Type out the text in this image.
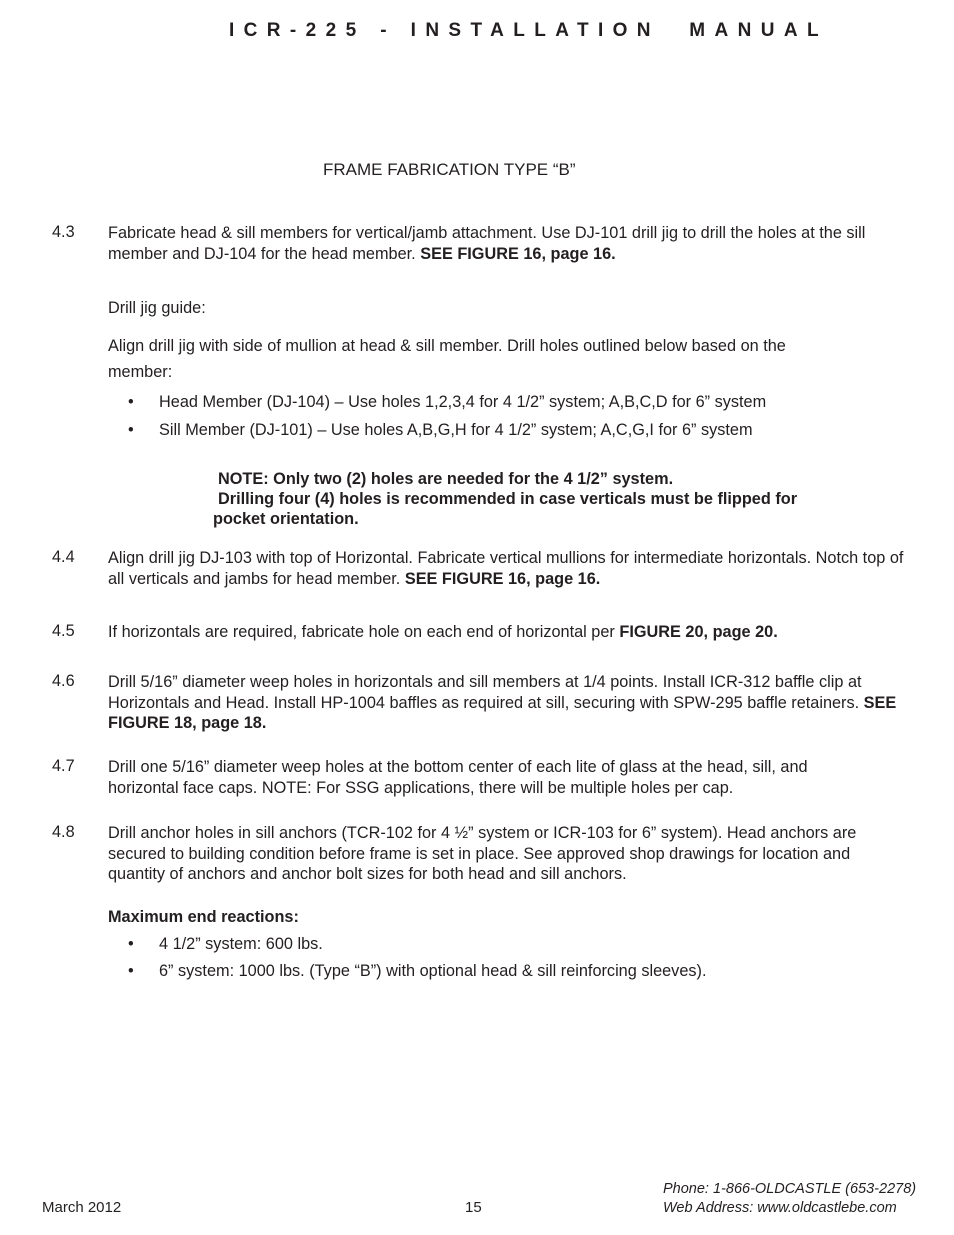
ICR-225 - INSTALLATION  MANUAL
FRAME FABRICATION TYPE “B”
4.3 Fabricate head & sill members for vertical/jamb attachment. Use DJ-101 drill jig to drill the holes at the sill member and DJ-104 for the head member. SEE FIGURE 16, page 16.
Drill jig guide:
Align drill jig with side of mullion at head & sill member. Drill holes outlined below based on the
member:
• Head Member (DJ-104) – Use holes 1,2,3,4 for 4 1/2” system; A,B,C,D for 6” system
• Sill Member (DJ-101) – Use holes A,B,G,H for 4 1/2” system; A,C,G,I for 6” system
NOTE: Only two (2) holes are needed for the 4 1/2” system.
Drilling four (4) holes is recommended in case verticals must be flipped for
pocket orientation.
4.4 Align drill jig DJ-103 with top of Horizontal. Fabricate vertical mullions for intermediate horizontals. Notch top of all verticals and jambs for head member. SEE FIGURE 16, page 16.
4.5 If horizontals are required, fabricate hole on each end of horizontal per FIGURE 20, page 20.
4.6 Drill 5/16” diameter weep holes in horizontals and sill members at 1/4 points. Install ICR-312 baffle clip at Horizontals and Head. Install HP-1004 baffles as required at sill, securing with SPW-295 baffle retainers. SEE FIGURE 18, page 18.
4.7 Drill one 5/16” diameter weep holes at the bottom center of each lite of glass at the head, sill, and horizontal face caps. NOTE: For SSG applications, there will be multiple holes per cap.
4.8 Drill anchor holes in sill anchors (TCR-102 for 4 ½” system or ICR-103 for 6” system). Head anchors are secured to building condition before frame is set in place. See approved shop drawings for location and quantity of anchors and anchor bolt sizes for both head and sill anchors.
Maximum end reactions:
• 4 1/2” system: 600 lbs.
• 6” system: 1000 lbs. (Type “B”) with optional head & sill reinforcing sleeves).
March 2012	15
Phone: 1-866-OLDCASTLE (653-2278)
Web Address: www.oldcastlebe.com
